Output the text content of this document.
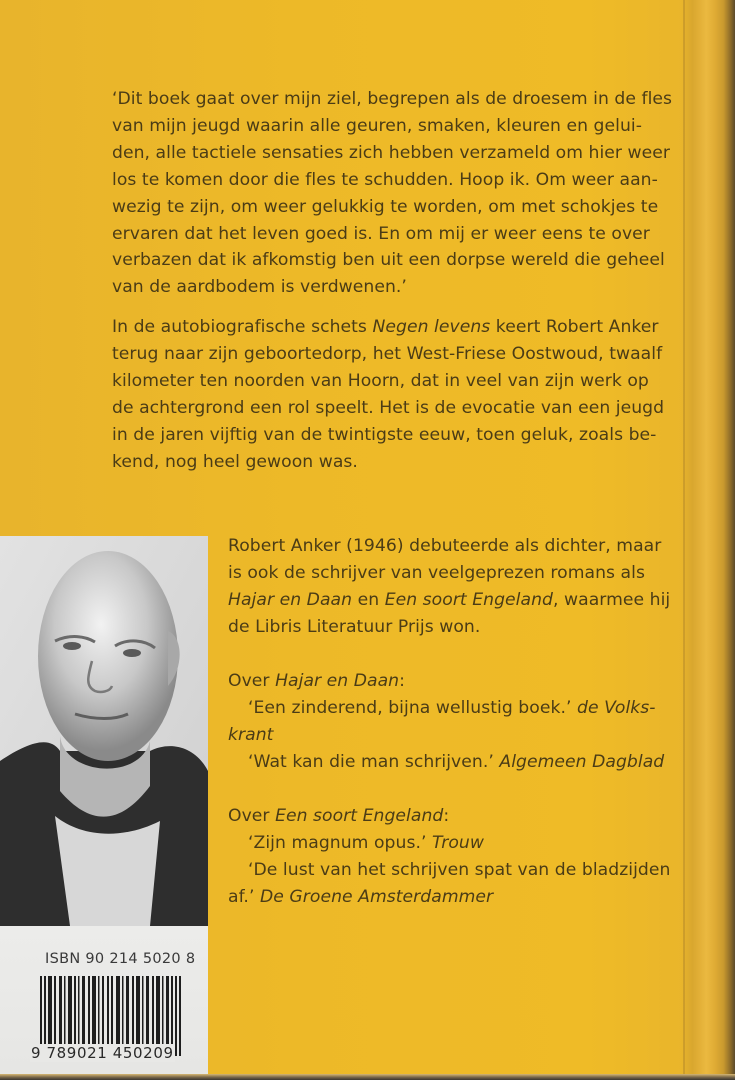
‘Dit boek gaat over mijn ziel, begrepen als de droesem in de fles

van mijn jeugd waarin alle geuren, smaken, kleuren en gelui-

den, alle tactiele sensaties zich hebben verzameld om hier weer

los te komen door die fles te schudden. Hoop ik. Om weer aan-

wezig te zijn, om weer gelukkig te worden, om met schokjes te

ervaren dat het leven goed is. En om mij er weer eens te over

verbazen dat ik afkomstig ben uit een dorpse wereld die geheel

van de aardbodem is verdwenen.’

In de autobiografische schets Negen levens keert Robert Anker

terug naar zijn geboortedorp, het West-Friese Oostwoud, twaalf

kilometer ten noorden van Hoorn, dat in veel van zijn werk op

de achtergrond een rol speelt. Het is de evocatie van een jeugd

in de jaren vijftig van de twintigste eeuw, toen geluk, zoals be-

kend, nog heel gewoon was.

Robert Anker (1946) debuteerde als dichter, maar

is ook de schrijver van veelgeprezen romans als

Hajar en Daan en Een soort Engeland, waarmee hij

de Libris Literatuur Prijs won.

Over Hajar en Daan:

‘Een zinderend, bijna wellustig boek.’ de Volks-

krant

‘Wat kan die man schrijven.’ Algemeen Dagblad

Over Een soort Engeland:

‘Zijn magnum opus.’ Trouw

‘De lust van het schrijven spat van de bladzijden

af.’ De Groene Amsterdammer

ISBN 90 214 5020 8
9 789021 450209
